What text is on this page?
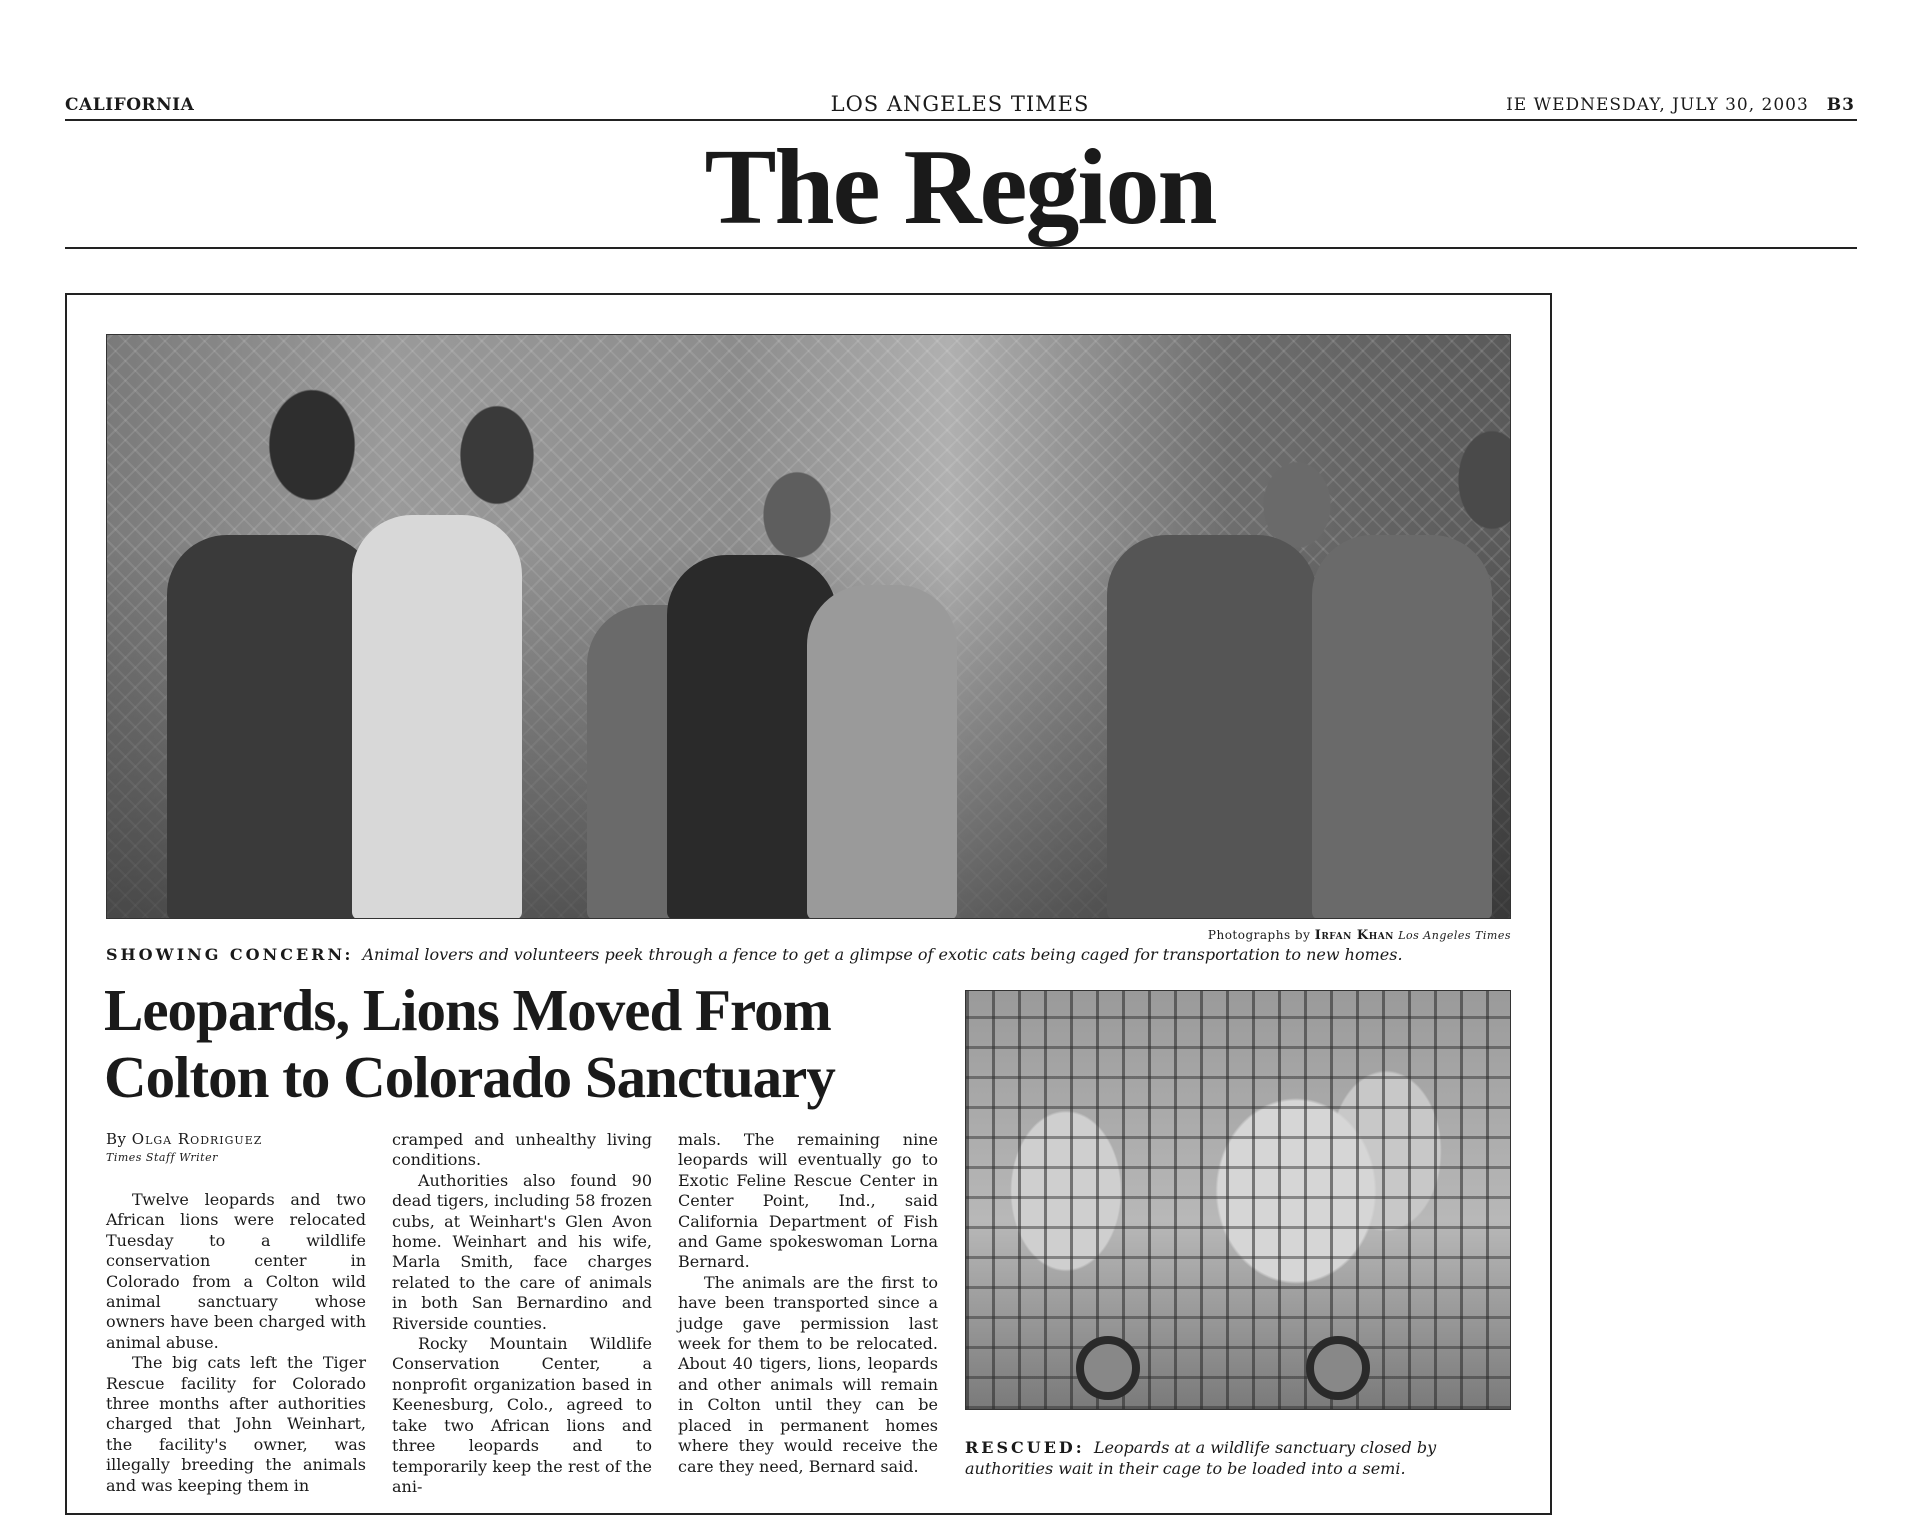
CALIFORNIA	LOS ANGELES TIMES	IE WEDNESDAY, JULY 30, 2003 B3
The Region
Photographs by Irfan Khan Los Angeles Times
SHOWING CONCERN: Animal lovers and volunteers peek through a fence to get a glimpse of exotic cats being caged for transportation to new homes.
Leopards, Lions Moved From Colton to Colorado Sanctuary
By Olga Rodriguez
Times Staff Writer

Twelve leopards and two African lions were relocated Tuesday to a wildlife conservation center in Colorado from a Colton wild animal sanctuary whose owners have been charged with animal abuse.

The big cats left the Tiger Rescue facility for Colorado three months after authorities charged that John Weinhart, the facility's owner, was illegally breeding the animals and was keeping them in

cramped and unhealthy living conditions.

Authorities also found 90 dead tigers, including 58 frozen cubs, at Weinhart's Glen Avon home. Weinhart and his wife, Marla Smith, face charges related to the care of animals in both San Bernardino and Riverside counties.

Rocky Mountain Wildlife Conservation Center, a nonprofit organization based in Keenesburg, Colo., agreed to take two African lions and three leopards and to temporarily keep the rest of the ani-

mals. The remaining nine leopards will eventually go to Exotic Feline Rescue Center in Center Point, Ind., said California Department of Fish and Game spokeswoman Lorna Bernard.

The animals are the first to have been transported since a judge gave permission last week for them to be relocated. About 40 tigers, lions, leopards and other animals will remain in Colton until they can be placed in permanent homes where they would receive the care they need, Bernard said.

RESCUED: Leopards at a wildlife sanctuary closed by authorities wait in their cage to be loaded into a semi.
